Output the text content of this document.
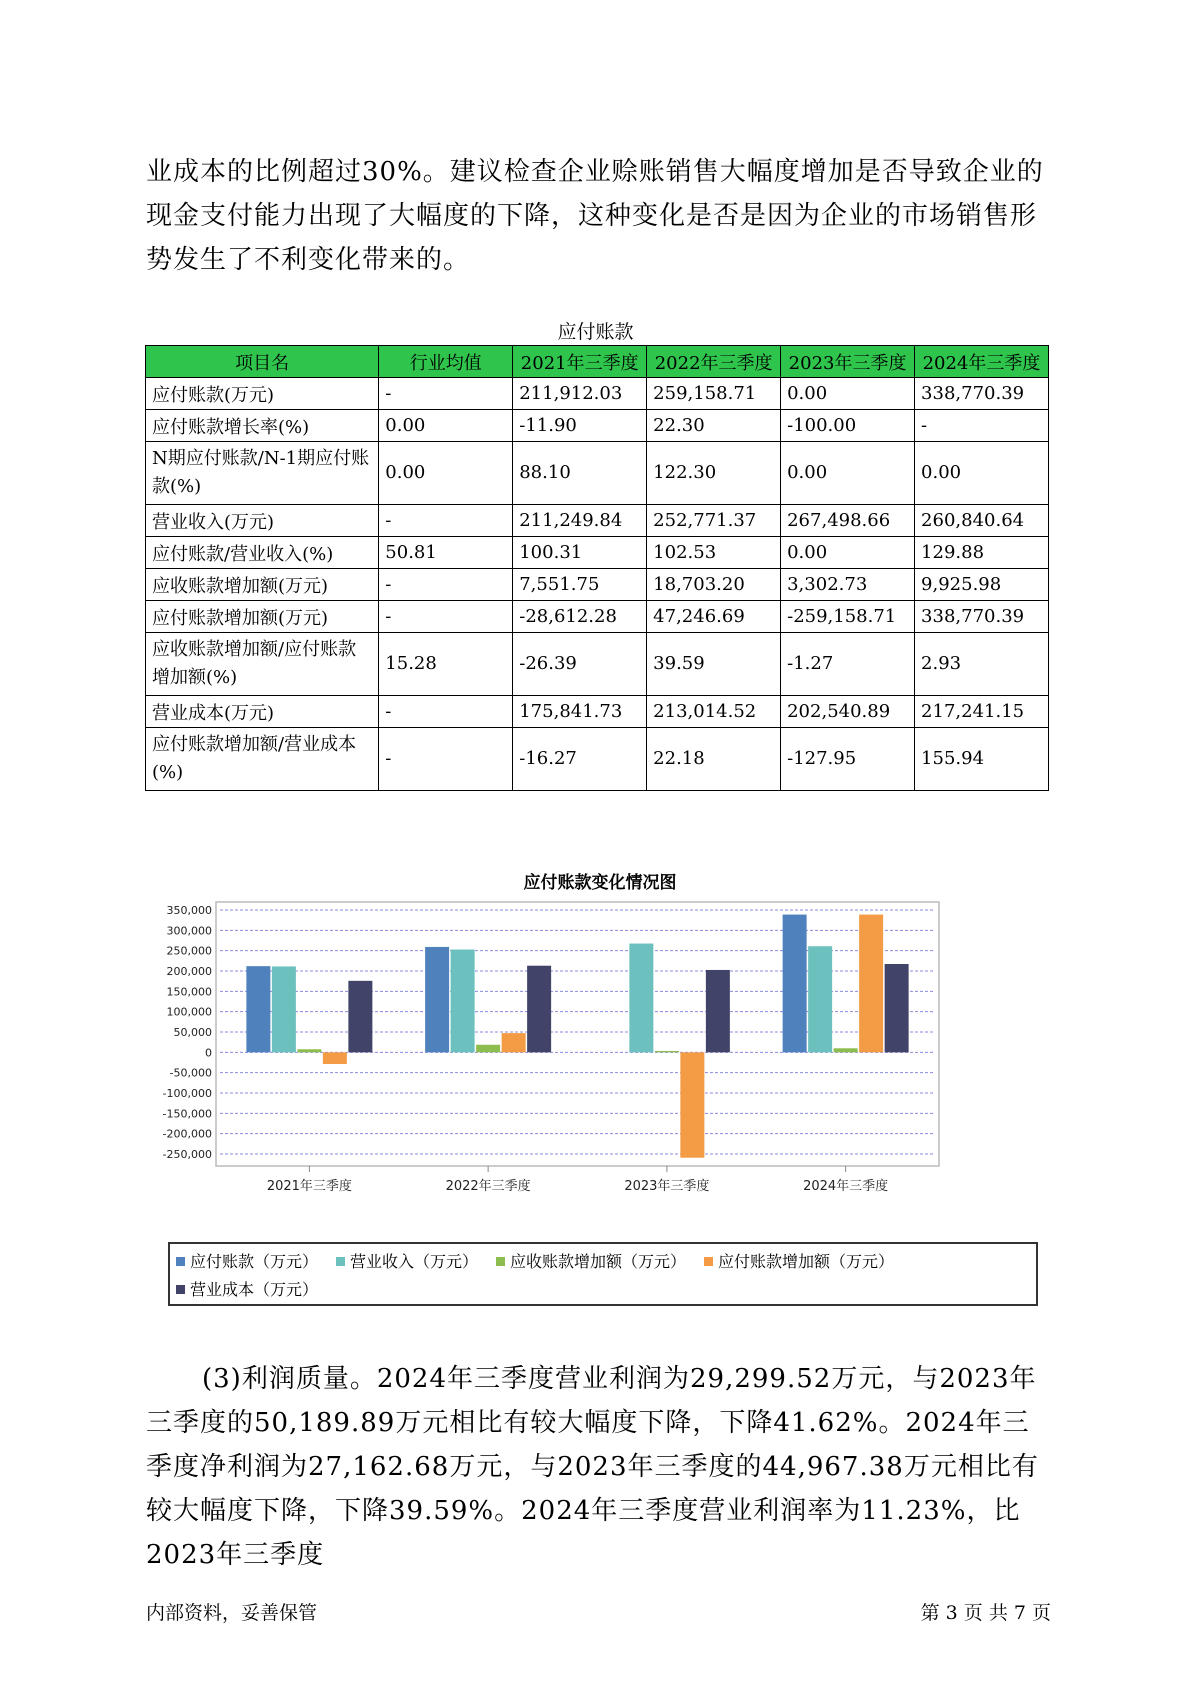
业成本的比例超过30%。建议检查企业赊账销售大幅度增加是否导致企业的现金支付能力出现了大幅度的下降，这种变化是否是因为企业的市场销售形势发生了不利变化带来的。
应付账款
项目名	行业均值	2021年三季度	2022年三季度	2023年三季度	2024年三季度
应付账款(万元)	-	211,912.03	259,158.71	0.00	338,770.39
应付账款增长率(%)	0.00	-11.90	22.30	-100.00	-
N期应付账款/N-1期应付账款(%)	0.00	88.10	122.30	0.00	0.00
营业收入(万元)	-	211,249.84	252,771.37	267,498.66	260,840.64
应付账款/营业收入(%)	50.81	100.31	102.53	0.00	129.88
应收账款增加额(万元)	-	7,551.75	18,703.20	3,302.73	9,925.98
应付账款增加额(万元)	-	-28,612.28	47,246.69	-259,158.71	338,770.39
应收账款增加额/应付账款增加额(%)	15.28	-26.39	39.59	-1.27	2.93
营业成本(万元)	-	175,841.73	213,014.52	202,540.89	217,241.15
应付账款增加额/营业成本(%)	-	-16.27	22.18	-127.95	155.94
应付账款变化情况图
350,000
300,000
250,000
200,000
150,000
100,000
50,000
0
-50,000
-100,000
-150,000
-200,000
-250,000
2021年三季度	2022年三季度	2023年三季度	2024年三季度
应付账款（万元） 营业收入（万元） 应收账款增加额（万元） 应付账款增加额（万元）营业成本（万元）
(3)利润质量。2024年三季度营业利润为29,299.52万元，与2023年三季度的50,189.89万元相比有较大幅度下降，下降41.62%。2024年三季度净利润为27,162.68万元，与2023年三季度的44,967.38万元相比有较大幅度下降，下降39.59%。2024年三季度营业利润率为11.23%，比2023年三季度
内部资料，妥善保管	第 3 页 共 7 页
